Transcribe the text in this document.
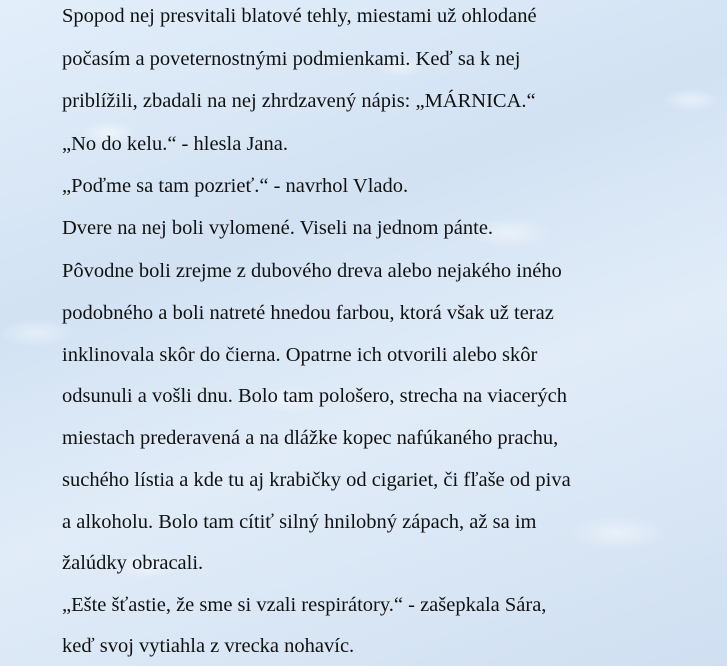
Spopod nej presvitali blatové tehly, miestami už ohlodané
počasím a poveternostnými podmienkami. Keď sa k nej
priblížili, zbadali na nej zhrdzavený nápis: „MÁRNICA.“
„No do kelu.“ - hlesla Jana.
„Poďme sa tam pozrieť.“ - navrhol Vlado.
Dvere na nej boli vylomené. Viseli na jednom pánte.
Pôvodne boli zrejme z dubového dreva alebo nejakého iného
podobného a boli natreté hnedou farbou, ktorá však už teraz
inklinovala skôr do čierna. Opatrne ich otvorili alebo skôr
odsunuli a vošli dnu. Bolo tam pološero, strecha na viacerých
miestach prederavená a na dlážke kopec nafúkaného prachu,
suchého lístia a kde tu aj krabičky od cigariet, či fľaše od piva
a alkoholu. Bolo tam cítiť silný hnilobný zápach, až sa im
žalúdky obracali.
„Ešte šťastie, že sme si vzali respirátory.“ - zašepkala Sára,
keď svoj vytiahla z vrecka nohavíc.
